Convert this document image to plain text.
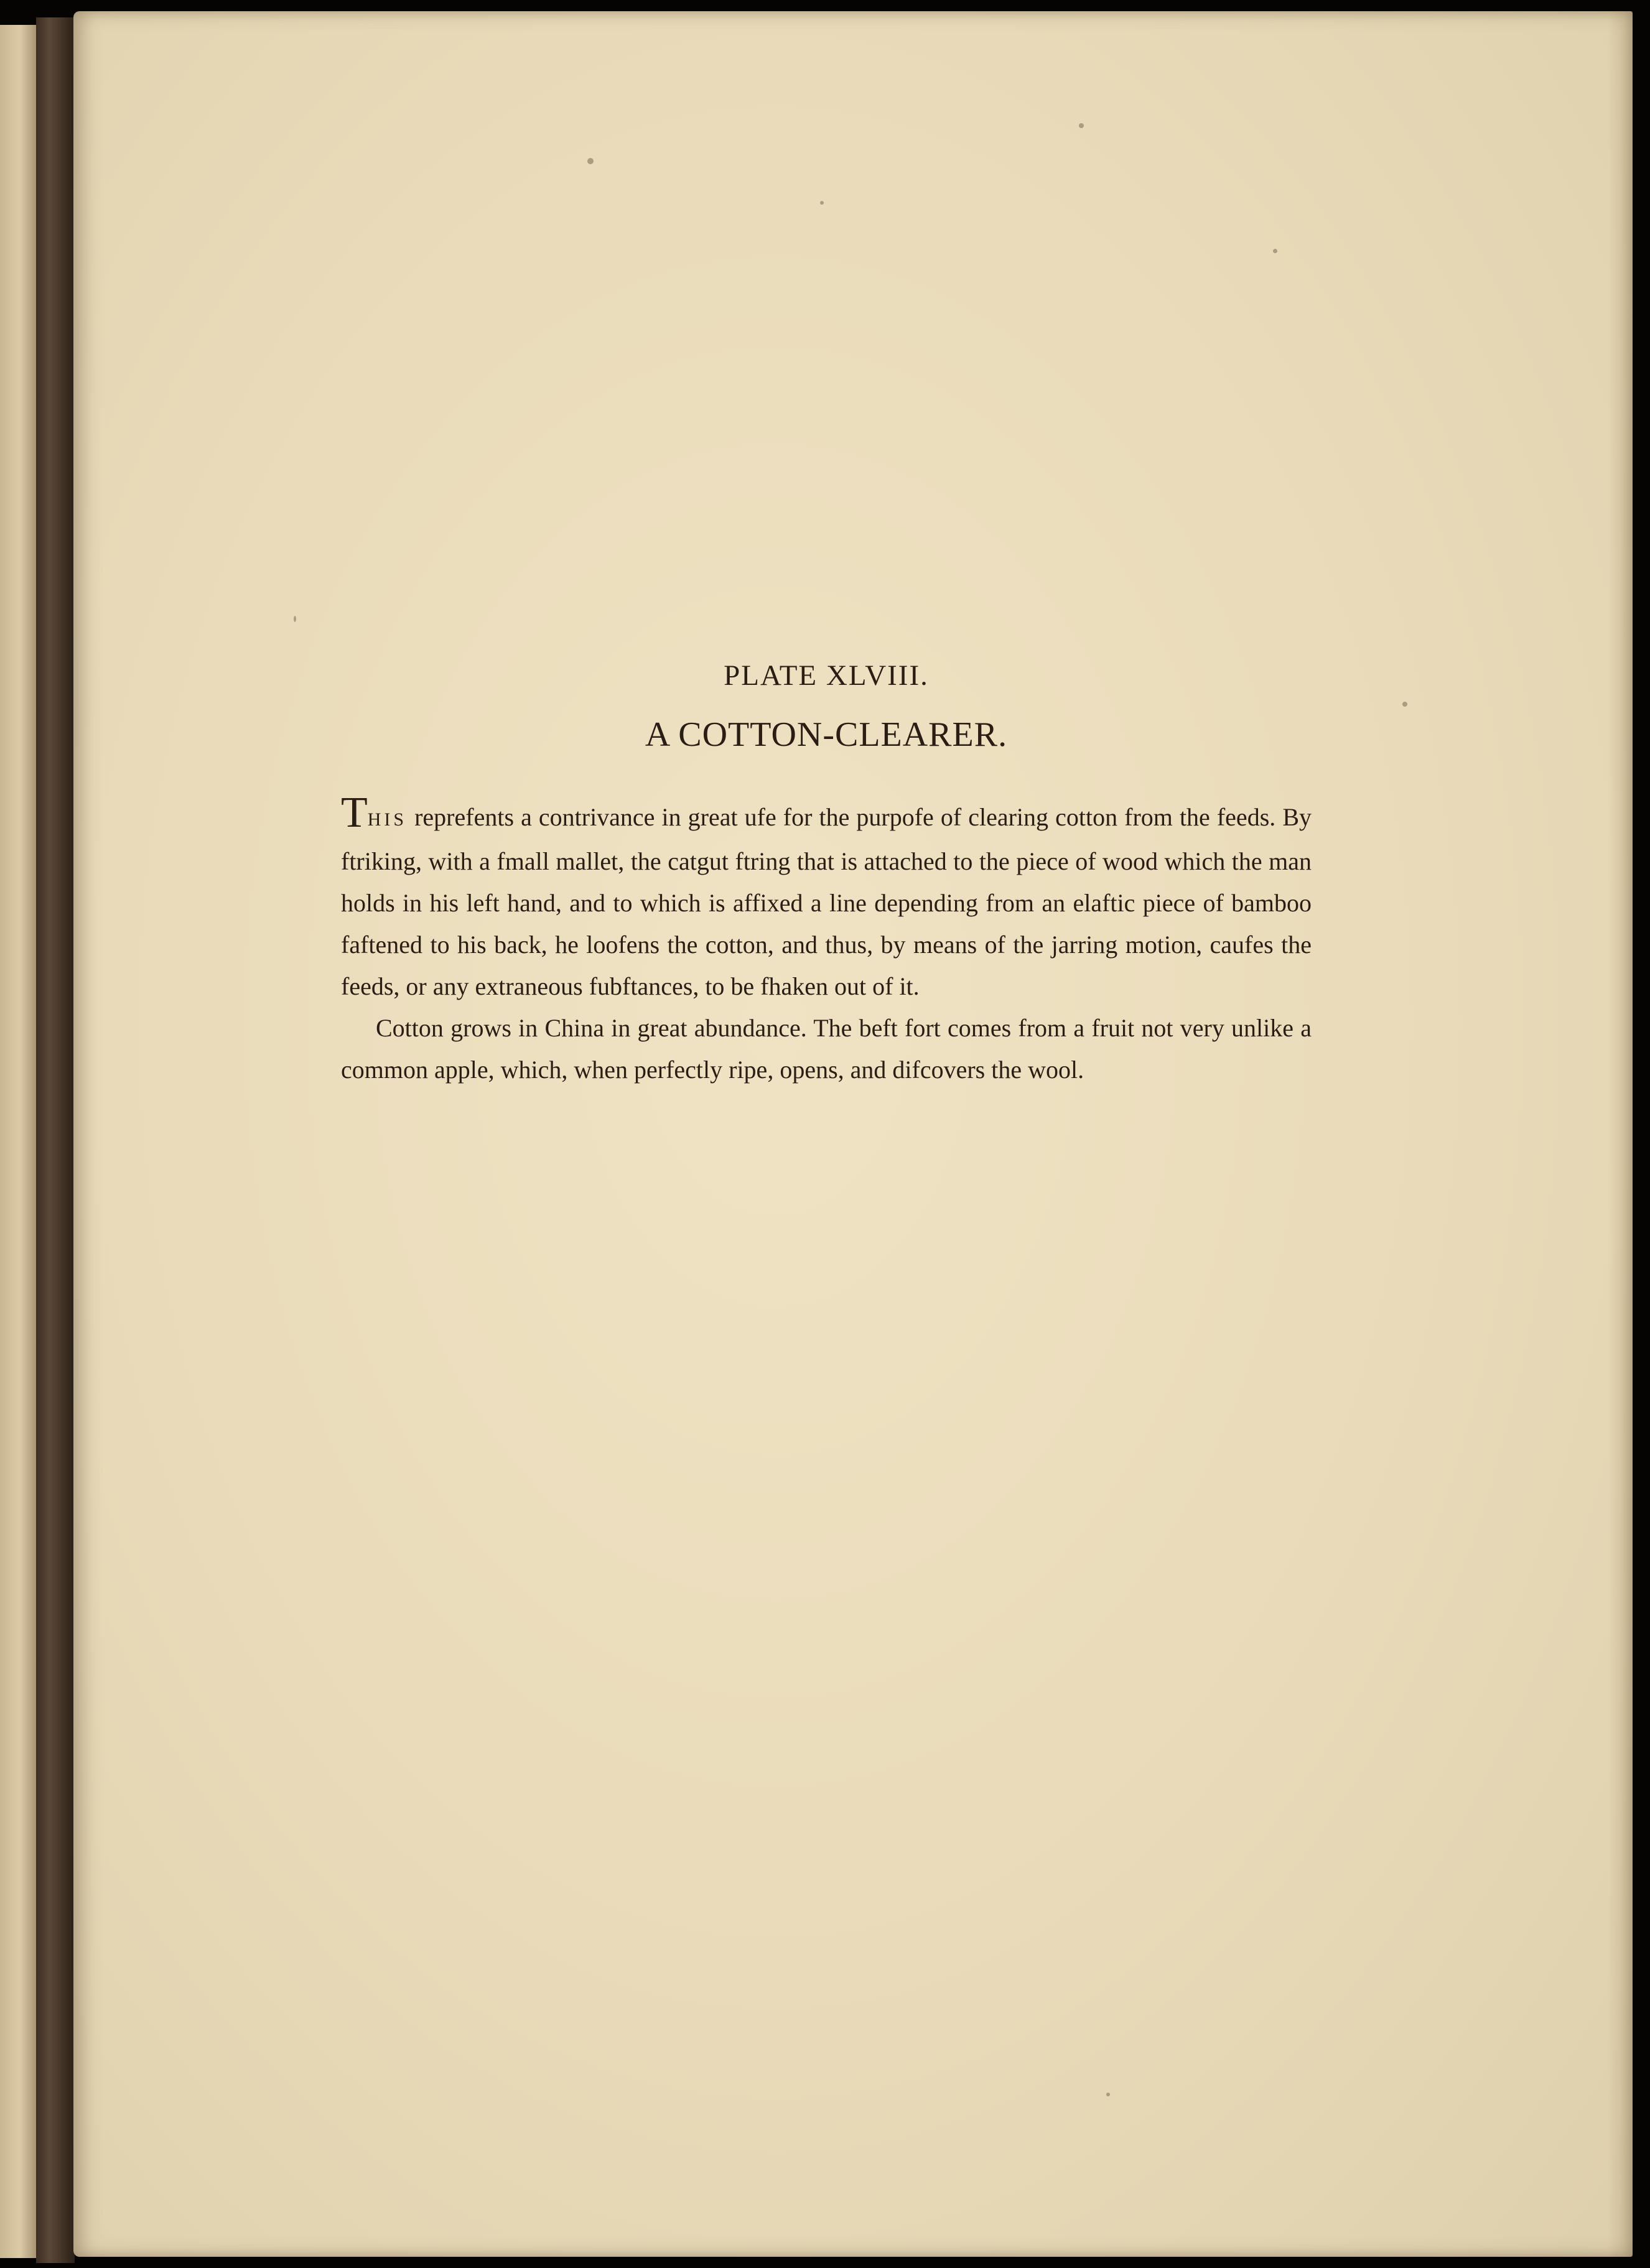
PLATE XLVIII.
A COTTON-CLEARER.

THIS reprefents a contrivance in great ufe for the purpofe of clearing cotton from the feeds. By ftriking, with a fmall mallet, the catgut ftring that is attached to the piece of wood which the man holds in his left hand, and to which is affixed a line depending from an elaftic piece of bamboo faftened to his back, he loofens the cotton, and thus, by means of the jarring motion, caufes the feeds, or any extraneous fubftances, to be fhaken out of it.

Cotton grows in China in great abundance. The beft fort comes from a fruit not very unlike a common apple, which, when perfectly ripe, opens, and difcovers the wool.
